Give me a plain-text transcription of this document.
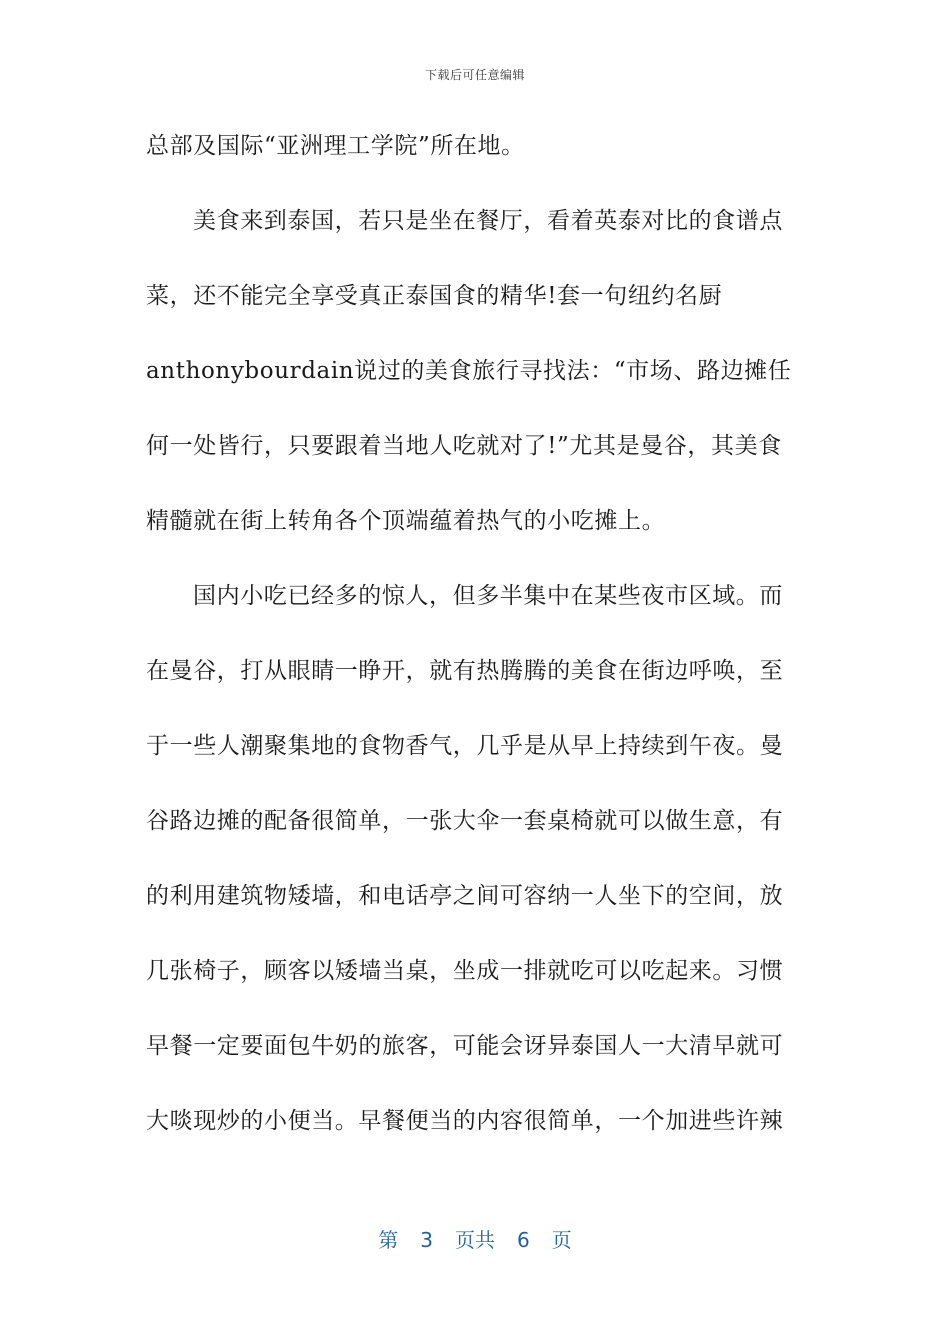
下载后可任意编辑
总部及国际“亚洲理工学院”所在地。
美食来到泰国，若只是坐在餐厅，看着英泰对比的食谱点
菜，还不能完全享受真正泰国食的精华!套一句纽约名厨
anthonybourdain说过的美食旅行寻找法：“市场、路边摊任
何一处皆行，只要跟着当地人吃就对了!”尤其是曼谷，其美食
精髓就在街上转角各个顶端蕴着热气的小吃摊上。
国内小吃已经多的惊人，但多半集中在某些夜市区域。而
在曼谷，打从眼睛一睁开，就有热腾腾的美食在街边呼唤，至
于一些人潮聚集地的食物香气，几乎是从早上持续到午夜。曼
谷路边摊的配备很简单，一张大伞一套桌椅就可以做生意，有
的利用建筑物矮墙，和电话亭之间可容纳一人坐下的空间，放
几张椅子，顾客以矮墙当桌，坐成一排就吃可以吃起来。习惯
早餐一定要面包牛奶的旅客，可能会讶异泰国人一大清早就可
大啖现炒的小便当。早餐便当的内容很简单，一个加进些许辣
第 3 页共 6 页
